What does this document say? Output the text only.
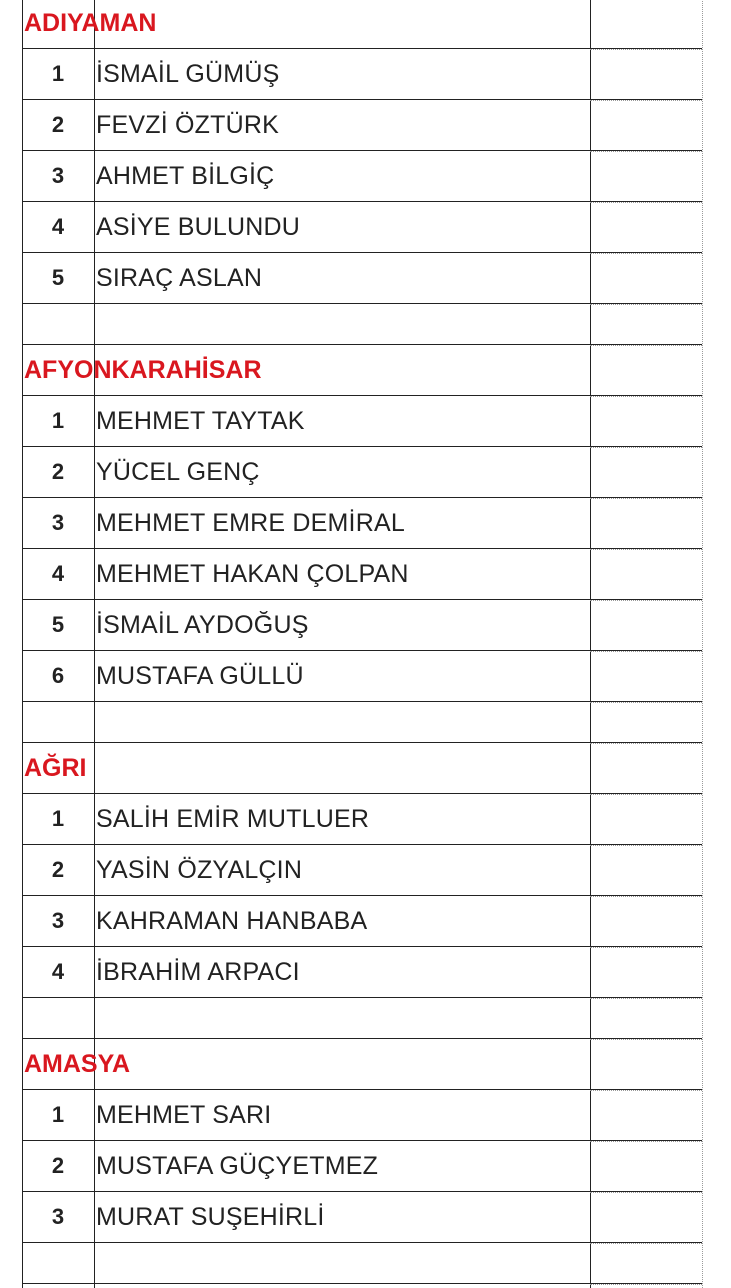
ADIYAMAN
1	İSMAİL GÜMÜŞ
2	FEVZİ ÖZTÜRK
3	AHMET BİLGİÇ
4	ASİYE BULUNDU
5	SIRAÇ ASLAN
AFYONKARAHİSAR
1	MEHMET TAYTAK
2	YÜCEL GENÇ
3	MEHMET EMRE DEMİRAL
4	MEHMET HAKAN ÇOLPAN
5	İSMAİL AYDOĞUŞ
6	MUSTAFA GÜLLÜ
AĞRI
1	SALİH EMİR MUTLUER
2	YASİN ÖZYALÇIN
3	KAHRAMAN HANBABA
4	İBRAHİM ARPACI
AMASYA
1	MEHMET SARI
2	MUSTAFA GÜÇYETMEZ
3	MURAT SUŞEHİRLİ
